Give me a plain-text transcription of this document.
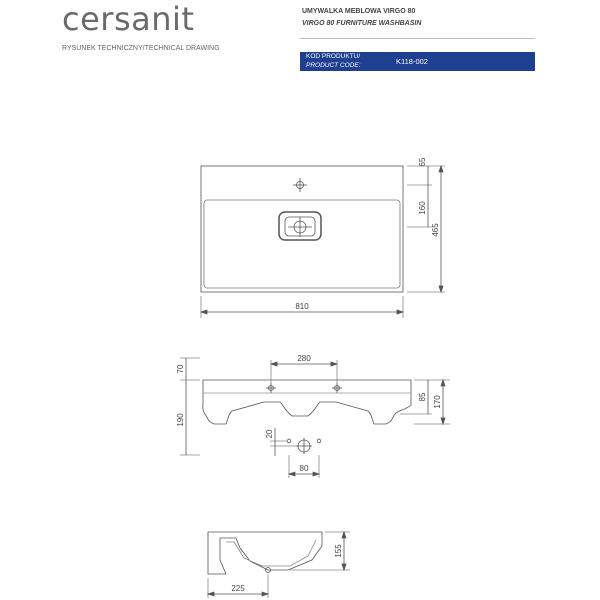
cersanit
RYSUNEK TECHNICZNY/TECHNICAL DRAWING
UMYWALKA MEBLOWA VIRGO 80
VIRGO 80 FURNITURE WASHBASIN
KOD PRODUKTU/
PRODUCT CODE:	K118-002
810
65
160
465
280
70
190
85 170
20
80
225
155
